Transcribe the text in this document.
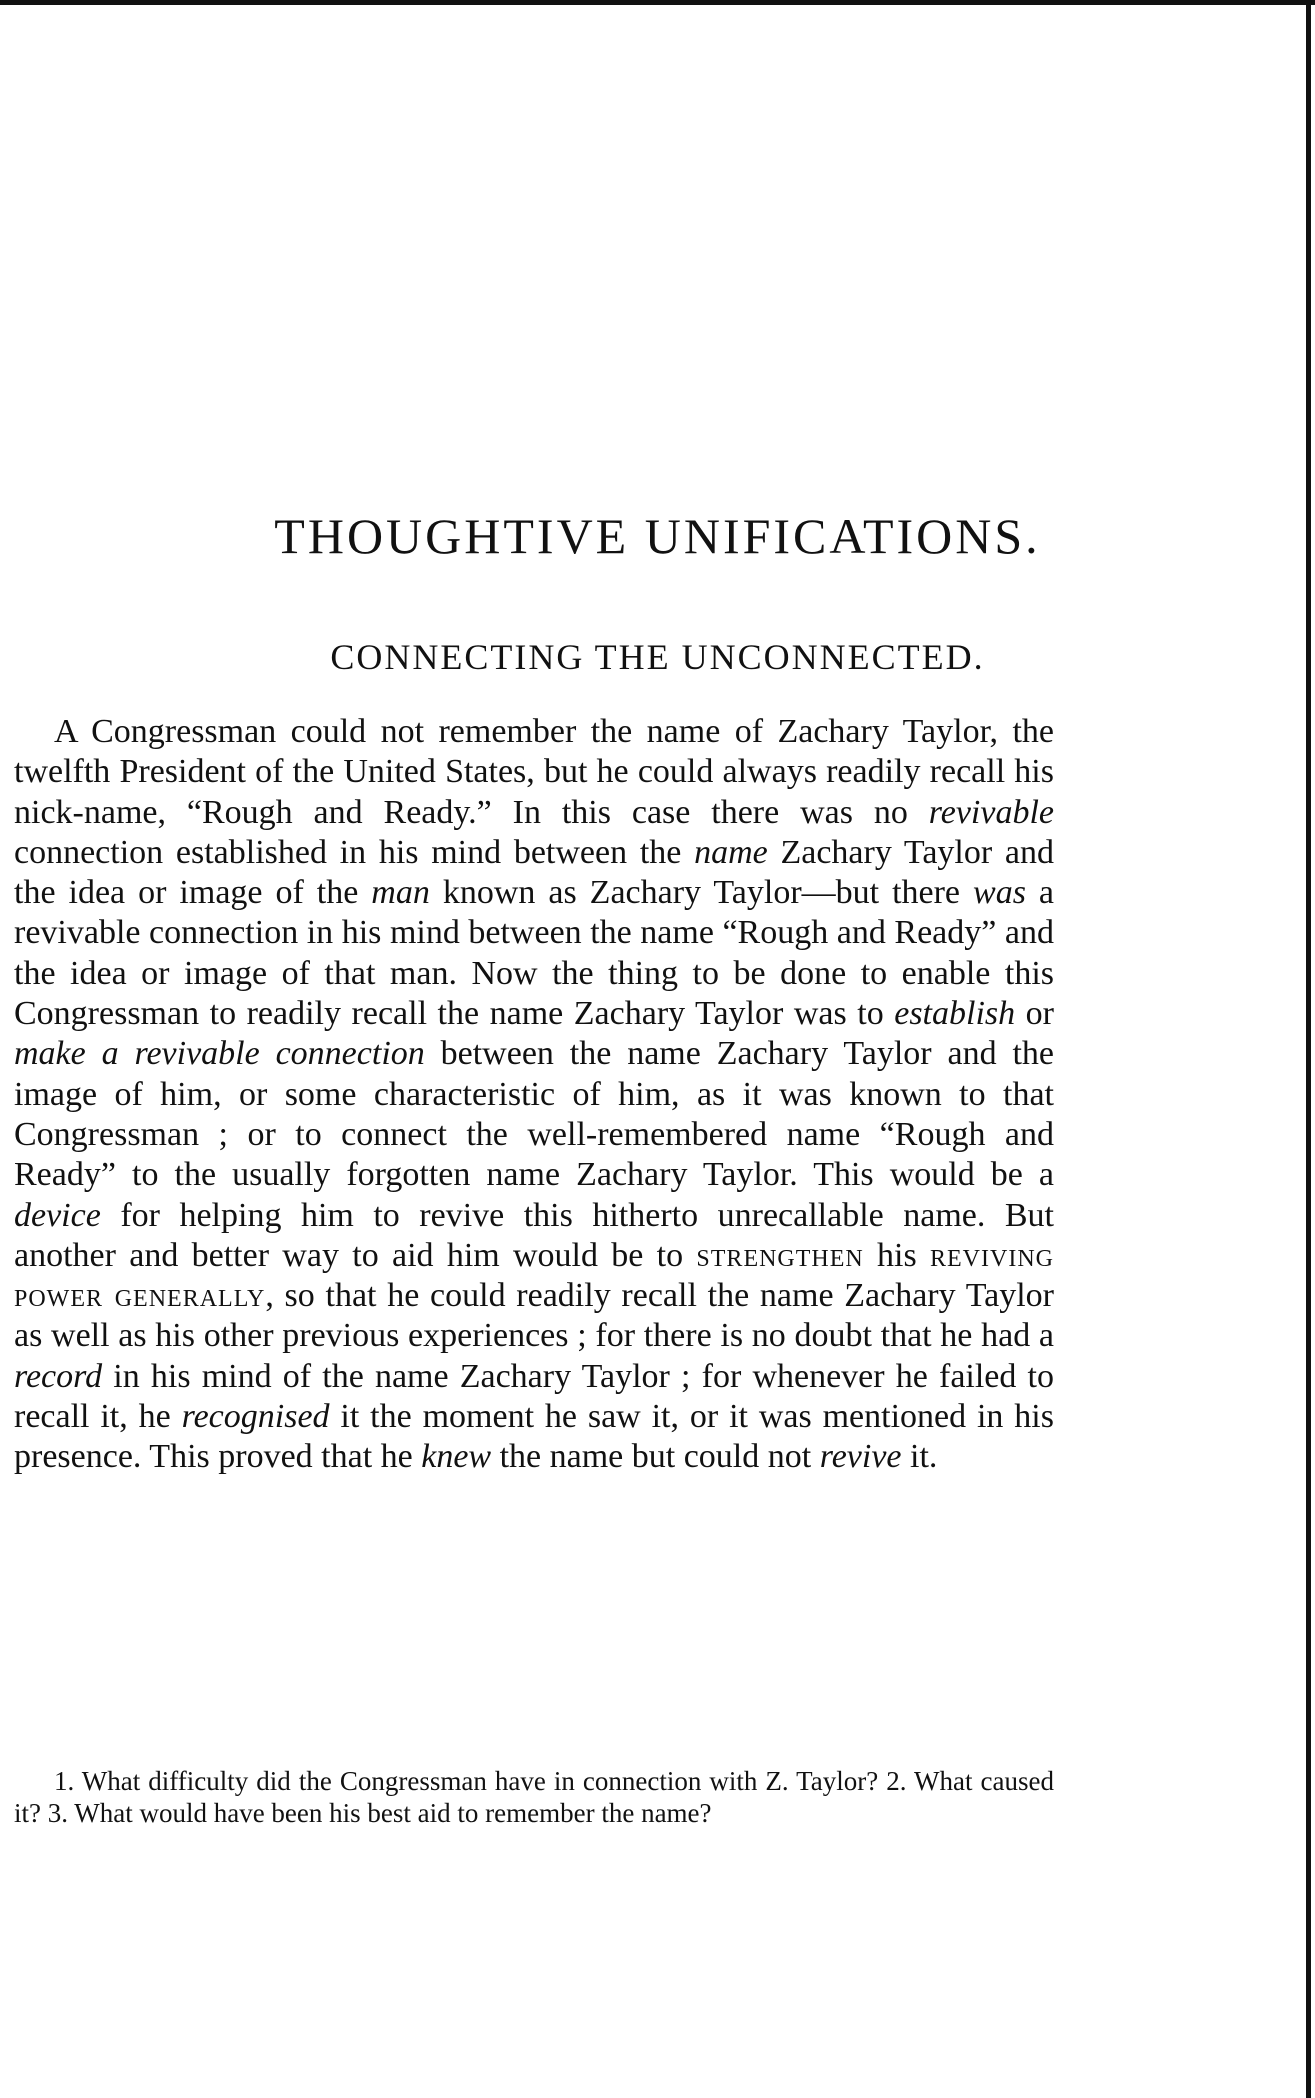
THOUGHTIVE UNIFICATIONS.
CONNECTING THE UNCONNECTED.

A Congressman could not remember the name of Zachary Taylor, the twelfth President of the United States, but he could always readily recall his nick-name, “Rough and Ready.” In this case there was no revivable connection established in his mind between the name Zachary Taylor and the idea or image of the man known as Zachary Taylor—but there was a revivable connection in his mind between the name “Rough and Ready” and the idea or image of that man. Now the thing to be done to enable this Congressman to readily recall the name Zachary Taylor was to establish or make a revivable connection between the name Zachary Taylor and the image of him, or some characteristic of him, as it was known to that Congressman ; or to connect the well-remembered name “Rough and Ready” to the usually forgotten name Zachary Taylor. This would be a device for helping him to revive this hitherto unrecallable name. But another and better way to aid him would be to strengthen his reviving power generally, so that he could readily recall the name Zachary Taylor as well as his other previous experiences ; for there is no doubt that he had a record in his mind of the name Zachary Taylor ; for whenever he failed to recall it, he recognised it the moment he saw it, or it was mentioned in his presence. This proved that he knew the name but could not revive it.

1. What difficulty did the Congressman have in connection with Z. Taylor? 2. What caused it? 3. What would have been his best aid to remember the name?
